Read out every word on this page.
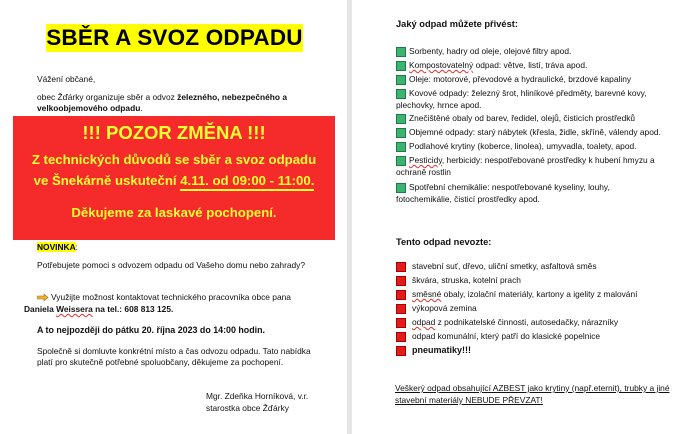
SBĚR A SVOZ ODPADU
Vážení občané,
obec Žďárky organizuje sběr a odvoz železného, nebezpečného a
velkoobjemového odpadu.
!!! POZOR ZMĚNA !!!
Z technických důvodů se sběr a svoz odpadu
ve Šnekárně uskuteční 4.11. od 09:00 - 11:00.
Děkujeme za laskavé pochopení.
NOVINKA:
Potřebujete pomoci s odvozem odpadu od Vašeho domu nebo zahrady?
Využijte možnost kontaktovat technického pracovníka obce pana
Daniela Weissera na tel.: 608 813 125.
A to nejpozději do pátku 20. října 2023 do 14:00 hodin.
Společně si domluvte konkrétní místo a čas odvozu odpadu. Tato nabídka
platí pro skutečně potřebné spoluobčany, děkujeme za pochopení.
Mgr. Zdeňka Horníková, v.r.
starostka obce Žďárky
Jaký odpad můžete přivést:
Sorbenty, hadry od oleje, olejové filtry apod.
Kompostovatelný odpad: větve, listí, tráva apod.
Oleje: motorové, převodové a hydraulické, brzdové kapaliny
Kovové odpady: železný šrot, hliníkové předměty, barevné kovy,
plechovky, hrnce apod.
Znečištěné obaly od barev, ředidel, olejů, čisticích prostředků
Objemné odpady: starý nábytek (křesla, židle, skříně, válendy apod.
Podlahové krytiny (koberce, linolea), umyvadla, toalety, apod.
Pesticidy, herbicidy: nespotřebované prostředky k hubení hmyzu a
ochraně rostlin
Spotřební chemikálie: nespotřebované kyseliny, louhy,
fotochemikálie, čisticí prostředky apod.
Tento odpad nevozte:
stavební suť, dřevo, uliční smetky, asfaltová směs
škvára, struska, kotelní prach
směsné obaly, izolační materiály, kartony a igelity z malování
výkopová zemina
odpad z podnikatelské činnosti, autosedačky, nárazníky
odpad komunální, který patří do klasické popelnice
pneumatiky!!!
Veškerý odpad obsahující AZBEST jako krytiny (např.eternit), trubky a jiné
stavební materiály NEBUDE PŘEVZAT!
